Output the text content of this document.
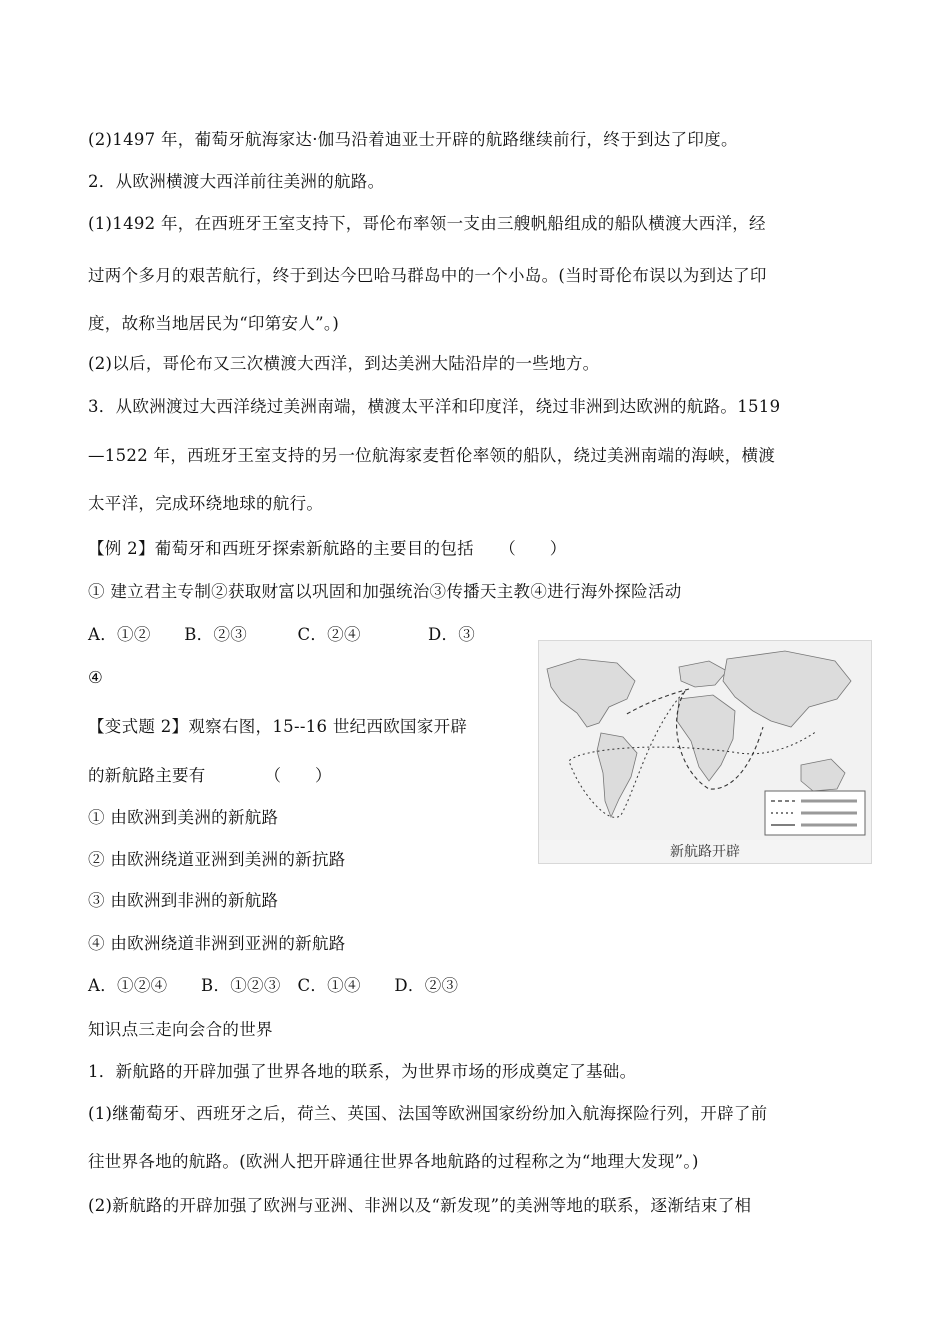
(2)1497 年，葡萄牙航海家达·伽马沿着迪亚士开辟的航路继续前行，终于到达了印度。
2．从欧洲横渡大西洋前往美洲的航路。
(1)1492 年，在西班牙王室支持下，哥伦布率领一支由三艘帆船组成的船队横渡大西洋，经
过两个多月的艰苦航行，终于到达今巴哈马群岛中的一个小岛。(当时哥伦布误以为到达了印
度，故称当地居民为“印第安人”。)
(2)以后，哥伦布又三次横渡大西洋，到达美洲大陆沿岸的一些地方。
3．从欧洲渡过大西洋绕过美洲南端，横渡太平洋和印度洋，绕过非洲到达欧洲的航路。1519
—1522 年，西班牙王室支持的另一位航海家麦哲伦率领的船队，绕过美洲南端的海峡，横渡
太平洋，完成环绕地球的航行。
【例 2】葡萄牙和西班牙探索新航路的主要目的包括　　（　　）
① 建立君主专制②获取财富以巩固和加强统治③传播天主教④进行海外探险活动
A．①②　　B．②③　　　C．②④　　　　D．③
④
【变式题 2】观察右图，15--16 世纪西欧国家开辟
的新航路主要有　　　　（　　）
① 由欧洲到美洲的新航路
② 由欧洲绕道亚洲到美洲的新抗路
③ 由欧洲到非洲的新航路
④ 由欧洲绕道非洲到亚洲的新航路
A．①②④　　B．①②③　C．①④　　D．②③
知识点三走向会合的世界
1．新航路的开辟加强了世界各地的联系，为世界市场的形成奠定了基础。
(1)继葡萄牙、西班牙之后，荷兰、英国、法国等欧洲国家纷纷加入航海探险行列，开辟了前
往世界各地的航路。(欧洲人把开辟通往世界各地航路的过程称之为“地理大发现”。)
(2)新航路的开辟加强了欧洲与亚洲、非洲以及“新发现”的美洲等地的联系，逐渐结束了相
新航路开辟
